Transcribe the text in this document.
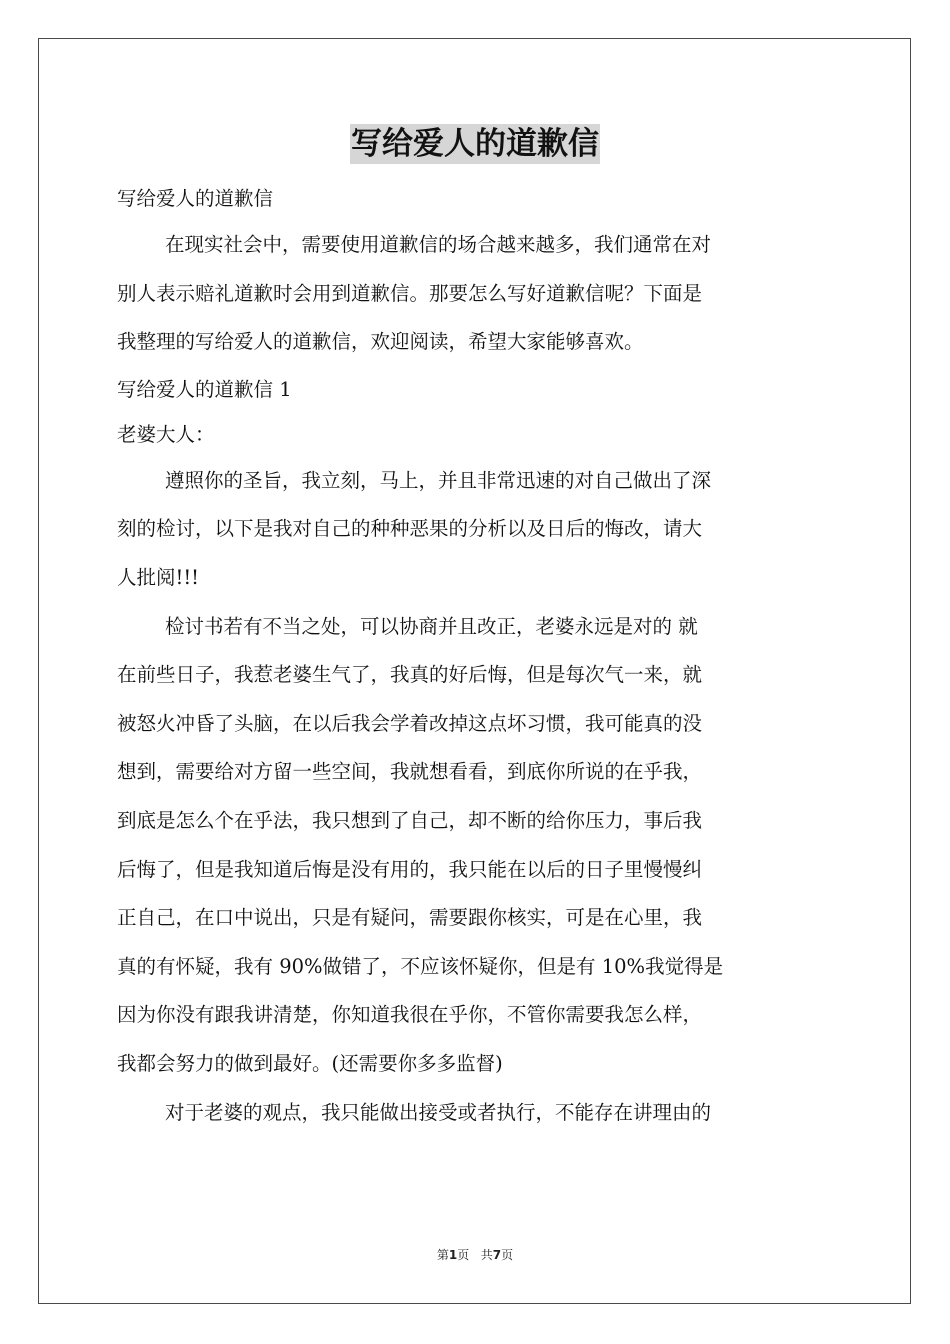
写给爱人的道歉信
写给爱人的道歉信
在现实社会中，需要使用道歉信的场合越来越多，我们通常在对
别人表示赔礼道歉时会用到道歉信。那要怎么写好道歉信呢？下面是
我整理的写给爱人的道歉信，欢迎阅读，希望大家能够喜欢。
写给爱人的道歉信 1
老婆大人：
遵照你的圣旨，我立刻，马上，并且非常迅速的对自己做出了深
刻的检讨，以下是我对自己的种种恶果的分析以及日后的悔改，请大
人批阅!!!
检讨书若有不当之处，可以协商并且改正，老婆永远是对的 就
在前些日子，我惹老婆生气了，我真的好后悔，但是每次气一来，就
被怒火冲昏了头脑，在以后我会学着改掉这点坏习惯，我可能真的没
想到，需要给对方留一些空间，我就想看看，到底你所说的在乎我，
到底是怎么个在乎法，我只想到了自己，却不断的给你压力，事后我
后悔了，但是我知道后悔是没有用的，我只能在以后的日子里慢慢纠
正自己，在口中说出，只是有疑问，需要跟你核实，可是在心里，我
真的有怀疑，我有 90%做错了，不应该怀疑你，但是有 10%我觉得是
因为你没有跟我讲清楚，你知道我很在乎你，不管你需要我怎么样，
我都会努力的做到最好。(还需要你多多监督)
对于老婆的观点，我只能做出接受或者执行，不能存在讲理由的
第1页 共7页
